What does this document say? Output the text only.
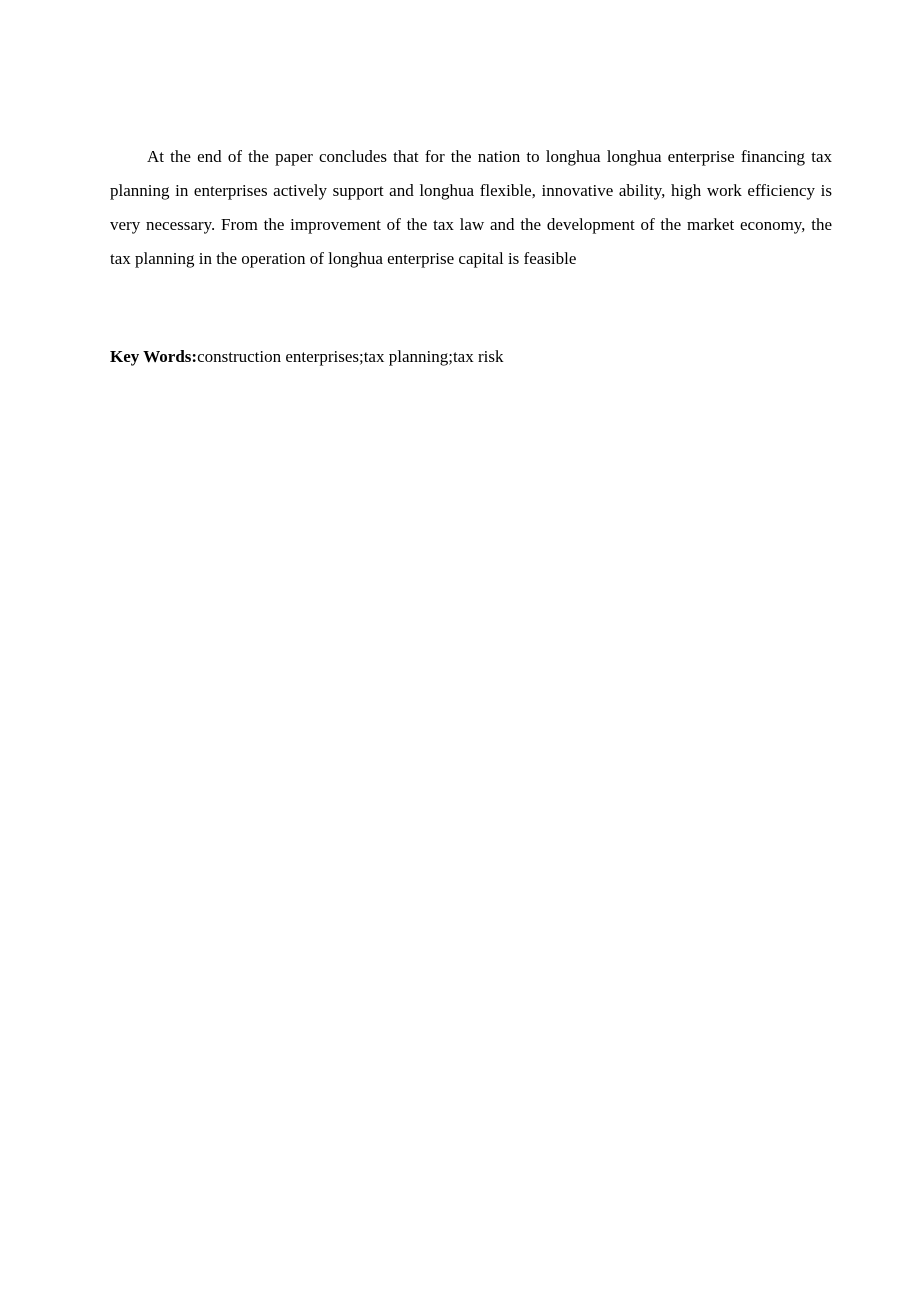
At the end of the paper concludes that for the nation to longhua longhua enterprise financing tax planning in enterprises actively support and longhua flexible, innovative ability, high work efficiency is very necessary. From the improvement of the tax law and the development of the market economy, the tax planning in the operation of longhua enterprise capital is feasible

Key Words:construction enterprises;tax planning;tax risk
